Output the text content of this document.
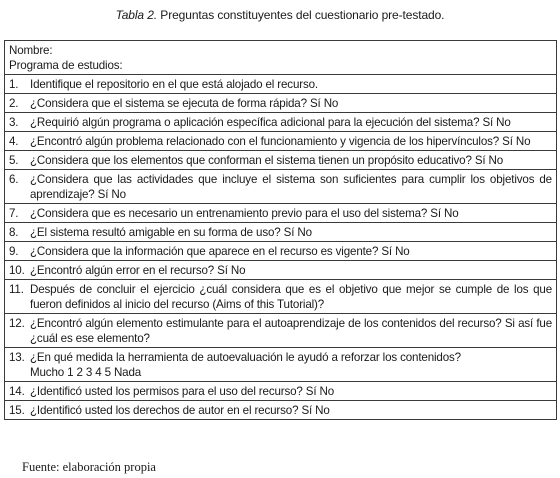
Tabla 2. Preguntas constituyentes del cuestionario pre-testado.
Nombre:
Programa de estudios:

1. Identifique el repositorio en el que está alojado el recurso.

2. ¿Considera que el sistema se ejecuta de forma rápida? Sí No

3. ¿Requirió algún programa o aplicación específica adicional para la ejecución del sistema? Sí No

4. ¿Encontró algún problema relacionado con el funcionamiento y vigencia de los hipervínculos? Sí No

5. ¿Considera que los elementos que conforman el sistema tienen un propósito educativo? Sí No

6. ¿Considera que las actividades que incluye el sistema son suficientes para cumplir los objetivos de aprendizaje? Sí No

7. ¿Considera que es necesario un entrenamiento previo para el uso del sistema? Sí No

8. ¿El sistema resultó amigable en su forma de uso? Sí No

9. ¿Considera que la información que aparece en el recurso es vigente? Sí No

10. ¿Encontró algún error en el recurso? Sí No

11. Después de concluir el ejercicio ¿cuál considera que es el objetivo que mejor se cumple de los que fueron definidos al inicio del recurso (Aims of this Tutorial)?

12. ¿Encontró algún elemento estimulante para el autoaprendizaje de los contenidos del recurso? Si así fue ¿cuál es ese elemento?

13. ¿En qué medida la herramienta de autoevaluación le ayudó a reforzar los contenidos?
Mucho 1 2 3 4 5 Nada

14. ¿Identificó usted los permisos para el uso del recurso? Sí No

15. ¿Identificó usted los derechos de autor en el recurso? Sí No
Fuente: elaboración propia
